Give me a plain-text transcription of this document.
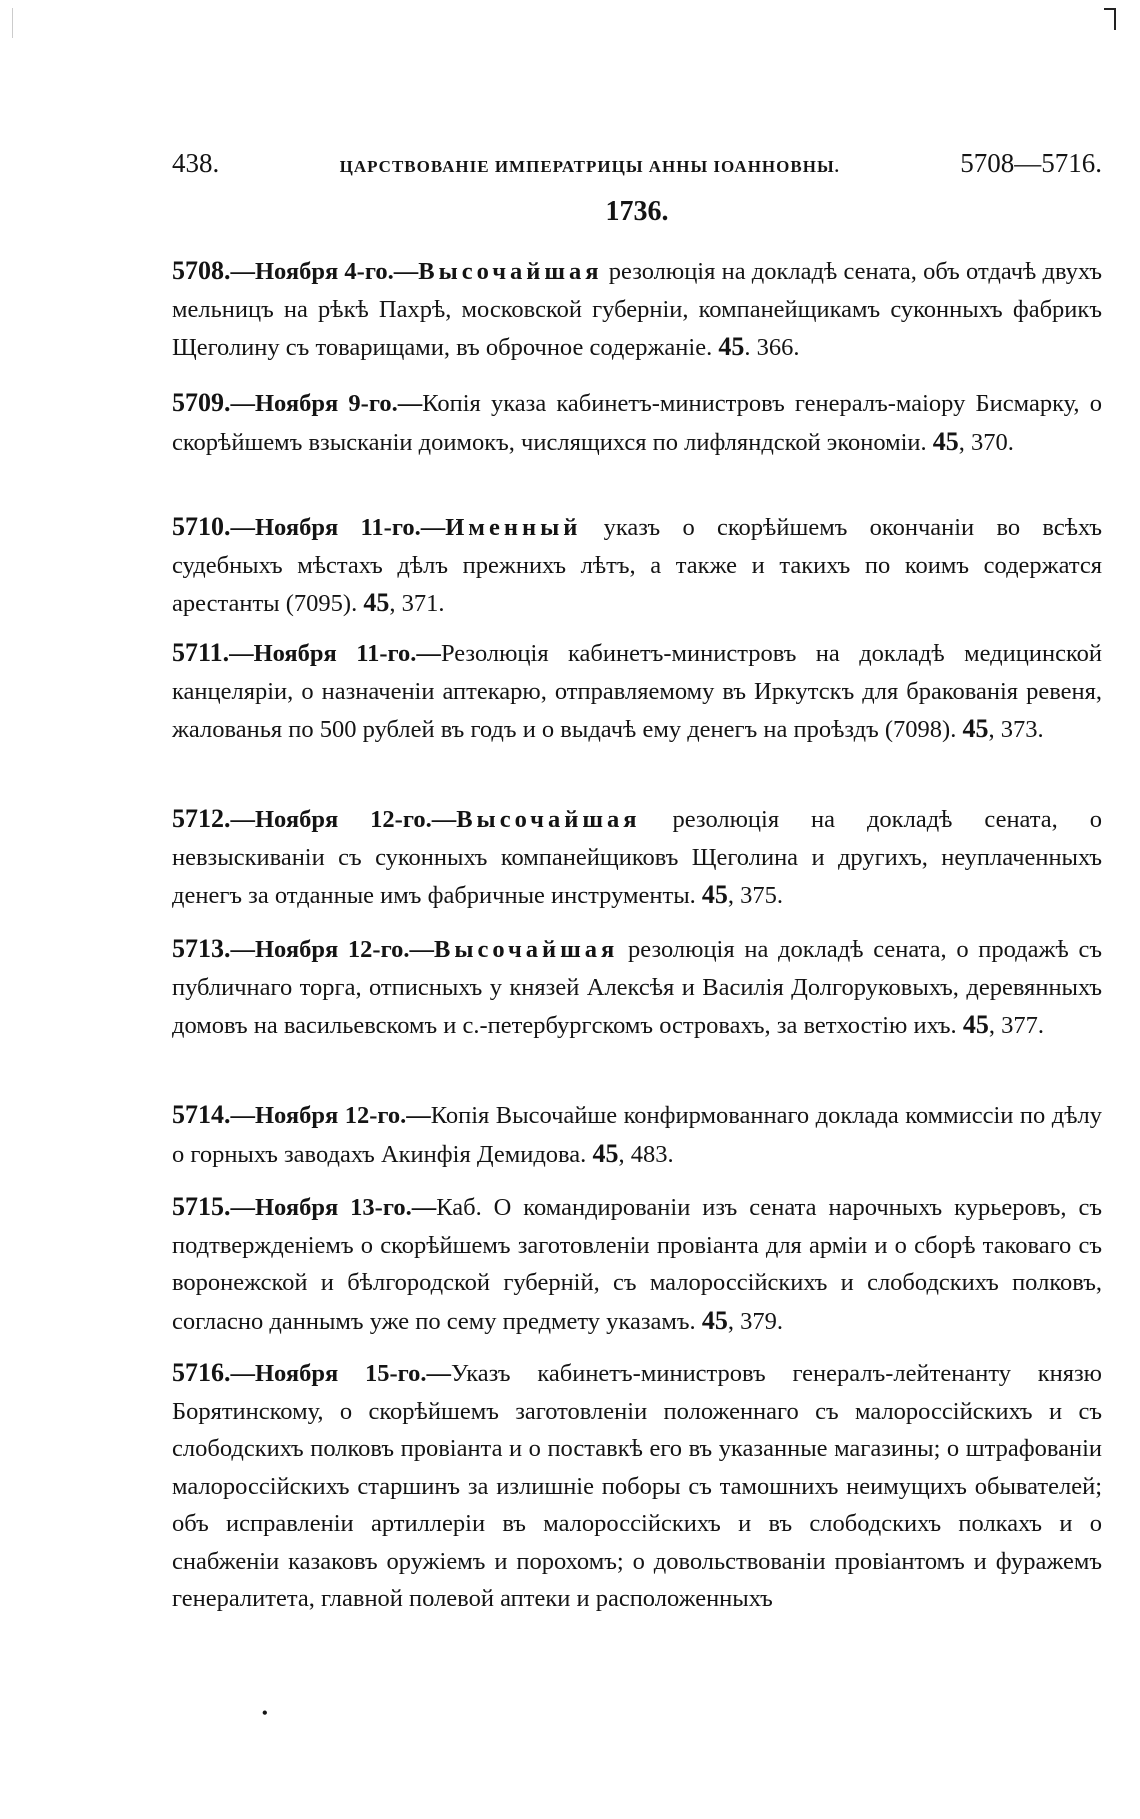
438.	ЦАРСТВОВАНІЕ ИМПЕРАТРИЦЫ АННЫ ІОАННОВНЫ.	5708—5716.
1736.
5708.—Ноября 4-го.—Высочайшая резолюція на докладѣ сената, объ отдачѣ двухъ мельницъ на рѣкѣ Пахрѣ, московской губерніи, компанейщикамъ суконныхъ фабрикъ Щеголину съ товарищами, въ оброчное содержаніе. 45. 366.
5709.—Ноября 9-го.—Копія указа кабинетъ-министровъ генералъ-маіору Бисмарку, о скорѣйшемъ взысканіи доимокъ, числящихся по лифляндской экономіи. 45, 370.
5710.—Ноября 11-го.—Именный указъ о скорѣйшемъ окончаніи во всѣхъ судебныхъ мѣстахъ дѣлъ прежнихъ лѣтъ, а также и такихъ по коимъ содержатся арестанты (7095). 45, 371.
5711.—Ноября 11-го.—Резолюція кабинетъ-министровъ на докладѣ медицинской канцеляріи, о назначеніи аптекарю, отправляемому въ Иркутскъ для бракованія ревеня, жалованья по 500 рублей въ годъ и о выдачѣ ему денегъ на проѣздъ (7098). 45, 373.
5712.—Ноября 12-го.—Высочайшая резолюція на докладѣ сената, о невзыскиваніи съ суконныхъ компанейщиковъ Щеголина и другихъ, неуплаченныхъ денегъ за отданные имъ фабричные инструменты. 45, 375.
5713.—Ноября 12-го.—Высочайшая резолюція на докладѣ сената, о продажѣ съ публичнаго торга, отписныхъ у князей Алексѣя и Василія Долгоруковыхъ, деревянныхъ домовъ на васильевскомъ и с.-петербургскомъ островахъ, за ветхостію ихъ. 45, 377.
5714.—Ноября 12-го.—Копія Высочайше конфирмованнаго доклада коммиссіи по дѣлу о горныхъ заводахъ Акинфія Демидова. 45, 483.
5715.—Ноября 13-го.—Каб. О командированіи изъ сената нарочныхъ курьеровъ, съ подтвержденіемъ о скорѣйшемъ заготовленіи провіанта для арміи и о сборѣ таковаго съ воронежской и бѣлгородской губерній, съ малороссійскихъ и слободскихъ полковъ, согласно даннымъ уже по сему предмету указамъ. 45, 379.
5716.—Ноября 15-го.—Указъ кабинетъ-министровъ генералъ-лейтенанту князю Борятинскому, о скорѣйшемъ заготовленіи положеннаго съ малороссійскихъ и съ слободскихъ полковъ провіанта и о поставкѣ его въ указанные магазины; о штрафованіи малороссійскихъ старшинъ за излишніе поборы съ тамошнихъ неимущихъ обывателей; объ исправленіи артиллеріи въ малороссійскихъ и въ слободскихъ полкахъ и о снабженіи казаковъ оружіемъ и порохомъ; о довольствованіи провіантомъ и фуражемъ генералитета, главной полевой аптеки и расположенныхъ
•
